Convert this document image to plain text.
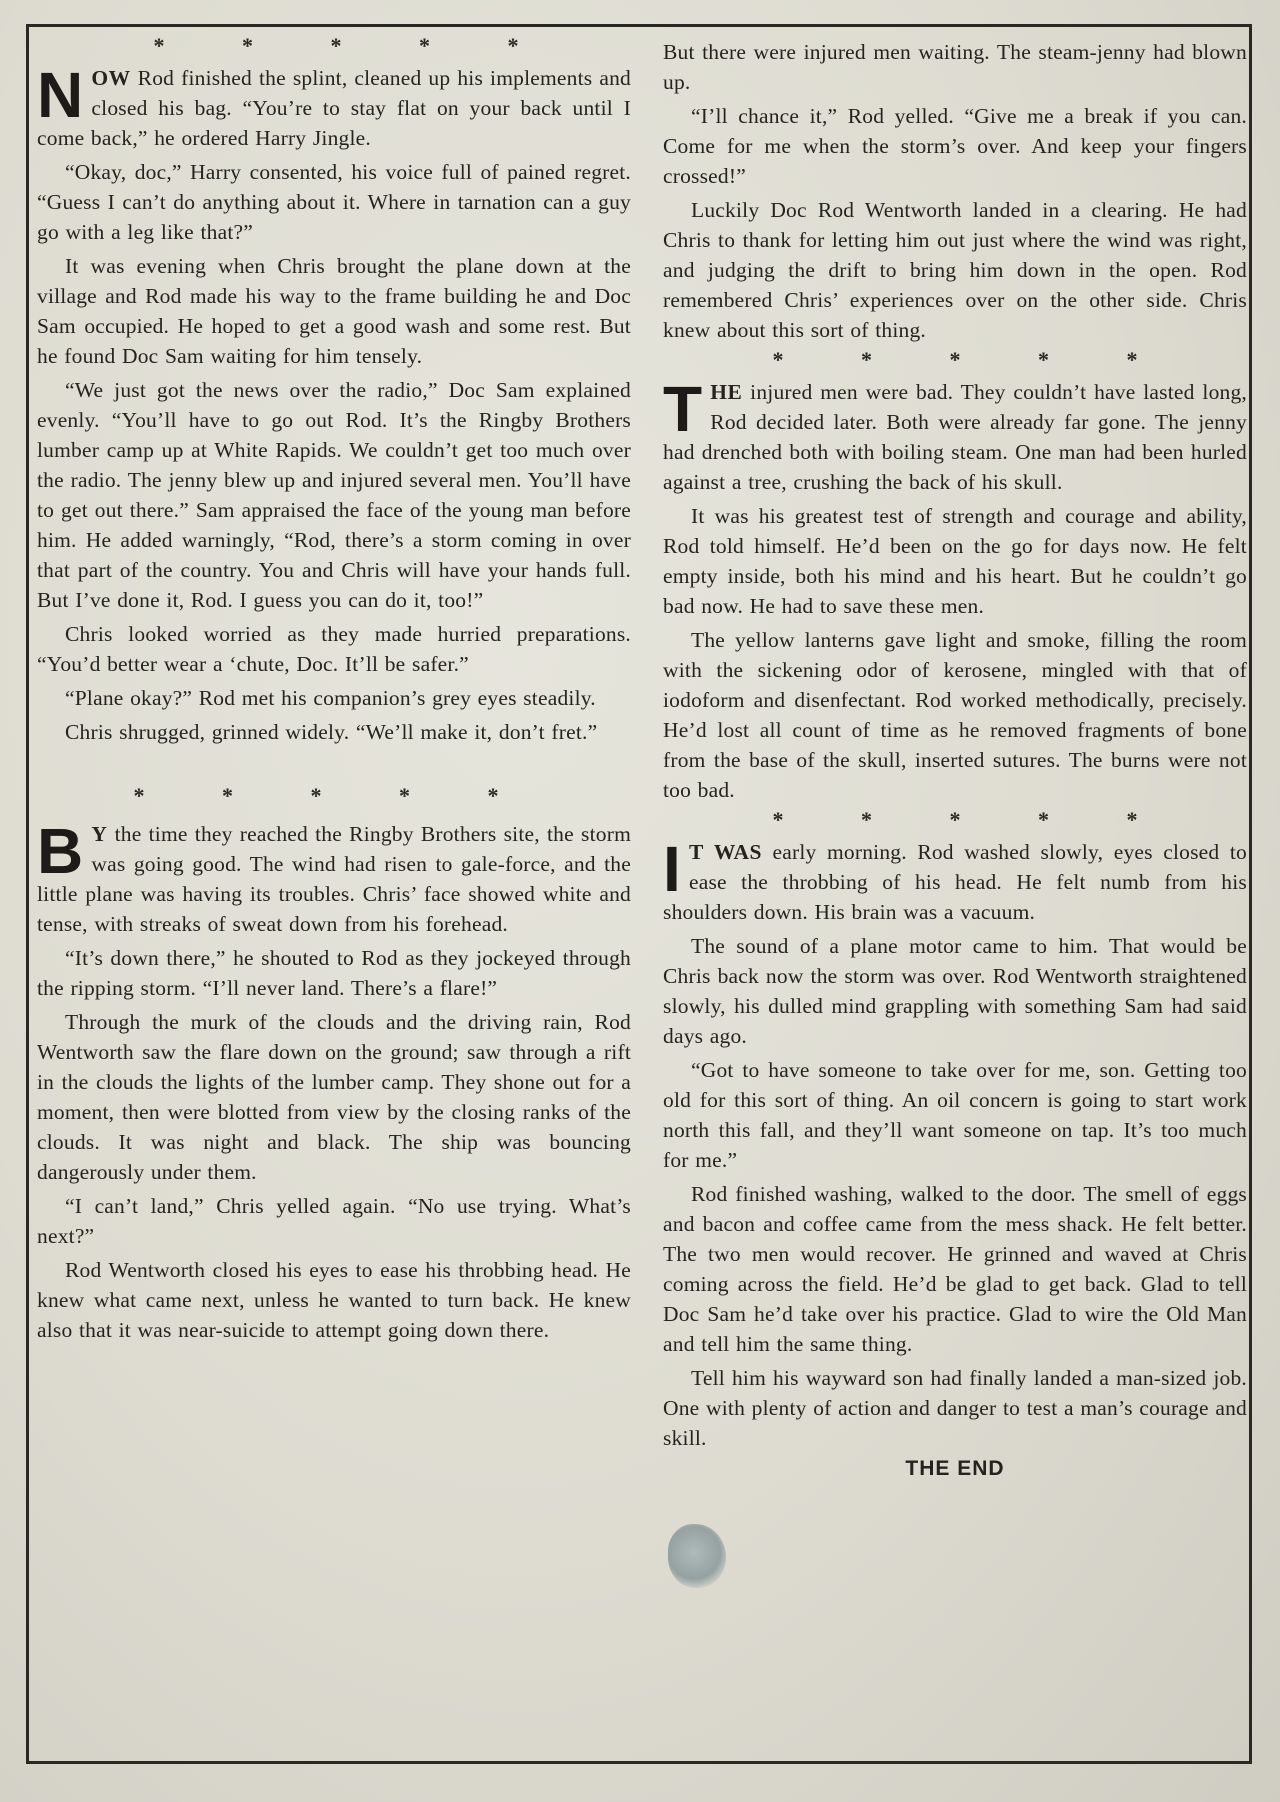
* * * * *

NOW Rod finished the splint, cleaned up his implements and closed his bag. “You’re to stay flat on your back until I come back,” he ordered Harry Jingle.

“Okay, doc,” Harry consented, his voice full of pained regret. “Guess I can’t do anything about it. Where in tarnation can a guy go with a leg like that?”

It was evening when Chris brought the plane down at the village and Rod made his way to the frame building he and Doc Sam occupied. He hoped to get a good wash and some rest. But he found Doc Sam waiting for him tensely.

“We just got the news over the radio,” Doc Sam explained evenly. “You’ll have to go out Rod. It’s the Ringby Brothers lumber camp up at White Rapids. We couldn’t get too much over the radio. The jenny blew up and injured several men. You’ll have to get out there.” Sam appraised the face of the young man before him. He added warningly, “Rod, there’s a storm coming in over that part of the country. You and Chris will have your hands full. But I’ve done it, Rod. I guess you can do it, too!”

Chris looked worried as they made hurried preparations. “You’d better wear a ‘chute, Doc. It’ll be safer.”

“Plane okay?” Rod met his companion’s grey eyes steadily.

Chris shrugged, grinned widely. “We’ll make it, don’t fret.”

* * * * *

B Y the time they reached the Ringby Brothers site, the storm was going good. The wind had risen to gale-force, and the little plane was having its troubles. Chris’ face showed white and tense, with streaks of sweat down from his forehead.

“It’s down there,” he shouted to Rod as they jockeyed through the ripping storm. “I’ll never land. There’s a flare!”

Through the murk of the clouds and the driving rain, Rod Wentworth saw the flare down on the ground; saw through a rift in the clouds the lights of the lumber camp. They shone out for a moment, then were blotted from view by the closing ranks of the clouds. It was night and black. The ship was bouncing dangerously under them.

“I can’t land,” Chris yelled again. “No use trying. What’s next?”

Rod Wentworth closed his eyes to ease his throbbing head. He knew what came next, unless he wanted to turn back. He knew also that it was near-suicide to attempt going down there.

But there were injured men waiting. The steam-jenny had blown up.

“I’ll chance it,” Rod yelled. “Give me a break if you can. Come for me when the storm’s over. And keep your fingers crossed!”

Luckily Doc Rod Wentworth landed in a clearing. He had Chris to thank for letting him out just where the wind was right, and judging the drift to bring him down in the open. Rod remembered Chris’ experiences over on the other side. Chris knew about this sort of thing.

* * * * *

THE injured men were bad. They couldn’t have lasted long, Rod decided later. Both were already far gone. The jenny had drenched both with boiling steam. One man had been hurled against a tree, crushing the back of his skull.

It was his greatest test of strength and courage and ability, Rod told himself. He’d been on the go for days now. He felt empty inside, both his mind and his heart. But he couldn’t go bad now. He had to save these men.

The yellow lanterns gave light and smoke, filling the room with the sickening odor of kerosene, mingled with that of iodoform and disenfectant. Rod worked methodically, precisely. He’d lost all count of time as he removed fragments of bone from the base of the skull, inserted sutures. The burns were not too bad.

* * * * *

I T WAS early morning. Rod washed slowly, eyes closed to ease the throbbing of his head. He felt numb from his shoulders down. His brain was a vacuum.

The sound of a plane motor came to him. That would be Chris back now the storm was over. Rod Wentworth straightened slowly, his dulled mind grappling with something Sam had said days ago.

“Got to have someone to take over for me, son. Getting too old for this sort of thing. An oil concern is going to start work north this fall, and they’ll want someone on tap. It’s too much for me.”

Rod finished washing, walked to the door. The smell of eggs and bacon and coffee came from the mess shack. He felt better. The two men would recover. He grinned and waved at Chris coming across the field. He’d be glad to get back. Glad to tell Doc Sam he’d take over his practice. Glad to wire the Old Man and tell him the same thing.

Tell him his wayward son had finally landed a man-sized job. One with plenty of action and danger to test a man’s courage and skill.

THE END
